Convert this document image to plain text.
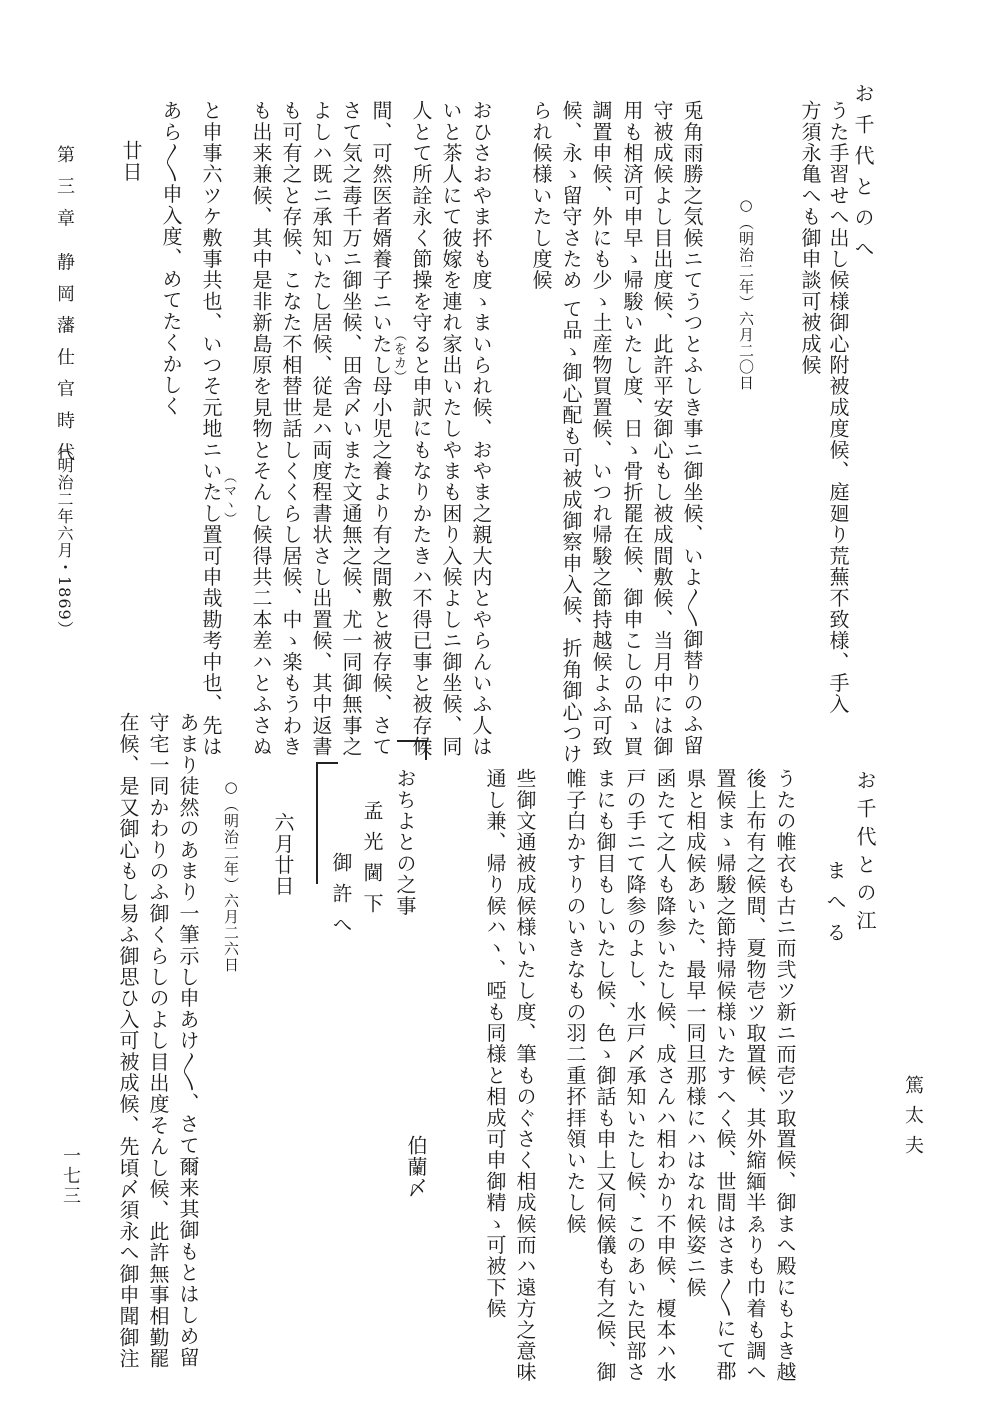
お千代とのへ
うた手習せへ出し候様御心附被成度候、庭廻り荒蕪不致様、手入
方須永亀へも御申談可被成候
○（明治二年）六月二〇日
兎角雨勝之気候ニてうつとふしき事ニ御坐候、いよ〳〵御替りのふ留
守被成候よし目出度候、此許平安御心もし被成間敷候、当月中には御
用も相済可申早ゝ帰駿いたし度、日ゝ骨折罷在候、御申こしの品ゝ買
調置申候、外にも少ゝ土産物買置候、いつれ帰駿之節持越候よふ可致
候、永ゝ留守さため て品ゝ御心配も可被成御察申入候、折角御心つけ
られ候様いたし度候
おひさおやま抔も度ゝまいられ候、おやま之親大内とやらんいふ人は
いと茶人にて彼嫁を連れ家出いたしやまも困り入候よしニ御坐候、同
人とて所詮永く節操を守ると申訳にもなりかたきハ不得已事と被存候
（をカ）
間、可然医者婿養子ニいたし母小児之養より有之間敷と被存候、さて
さて気之毒千万ニ御坐候、田舎〆いまた文通無之候、尤一同御無事之
よしハ既ニ承知いたし居候、従是ハ両度程書状さし出置候、其中返書
も可有之と存候、こなた不相替世話しくくらし居候、中ゝ楽もうわき
も出来兼候、其中是非新島原を見物とそんし候得共二本差ハとふさぬ
（マヽ）
と申事六ツケ敷事共也、いつそ元地ニいたし置可申哉勘考中也、先は
あら〳〵申入度、めてたくかしく
廿日
第 三 章　静 岡 藩 仕 官 時 代
（明治二年六月・1869）
篤太夫
お千代との江
まへる
うたの帷衣も古ニ而弐ツ新ニ而壱ツ取置候、御まへ殿にもよき越
後上布有之候間、夏物壱ツ取置候、其外縮緬半ゑりも巾着も調へ
置候まゝ帰駿之節持帰候様いたすへく候、世間はさま〳〵にて郡
県と相成候あいた、最早一同旦那様にハはなれ候姿ニ候
函たて之人も降参いたし候、成さんハ相わかり不申候、榎本ハ水
戸の手ニて降参のよし、水戸〆承知いたし候、このあいた民部さ
まにも御目もしいたし候、色ゝ御話も申上又伺候儀も有之候、御
帷子白かすりのいきなもの羽二重抔拝領いたし候
些御文通被成候様いたし度、筆ものぐさく相成候而ハ遠方之意味
通し兼、帰り候ハヽ、啞も同様と相成可申御精ゝ可被下候
伯蘭〆
おちよとの之事
孟光閫下
御許へ
六月廿日
○（明治二年）六月二六日
あまり徒然のあまり一筆示し申あけ〳〵、さて爾来其御もとはしめ留
守宅一同かわりのふ御くらしのよし目出度そんし候、此許無事相勤罷
在候、是又御心もし易ふ御思ひ入可被成候、先頃〆須永へ御申聞御注
一七三
